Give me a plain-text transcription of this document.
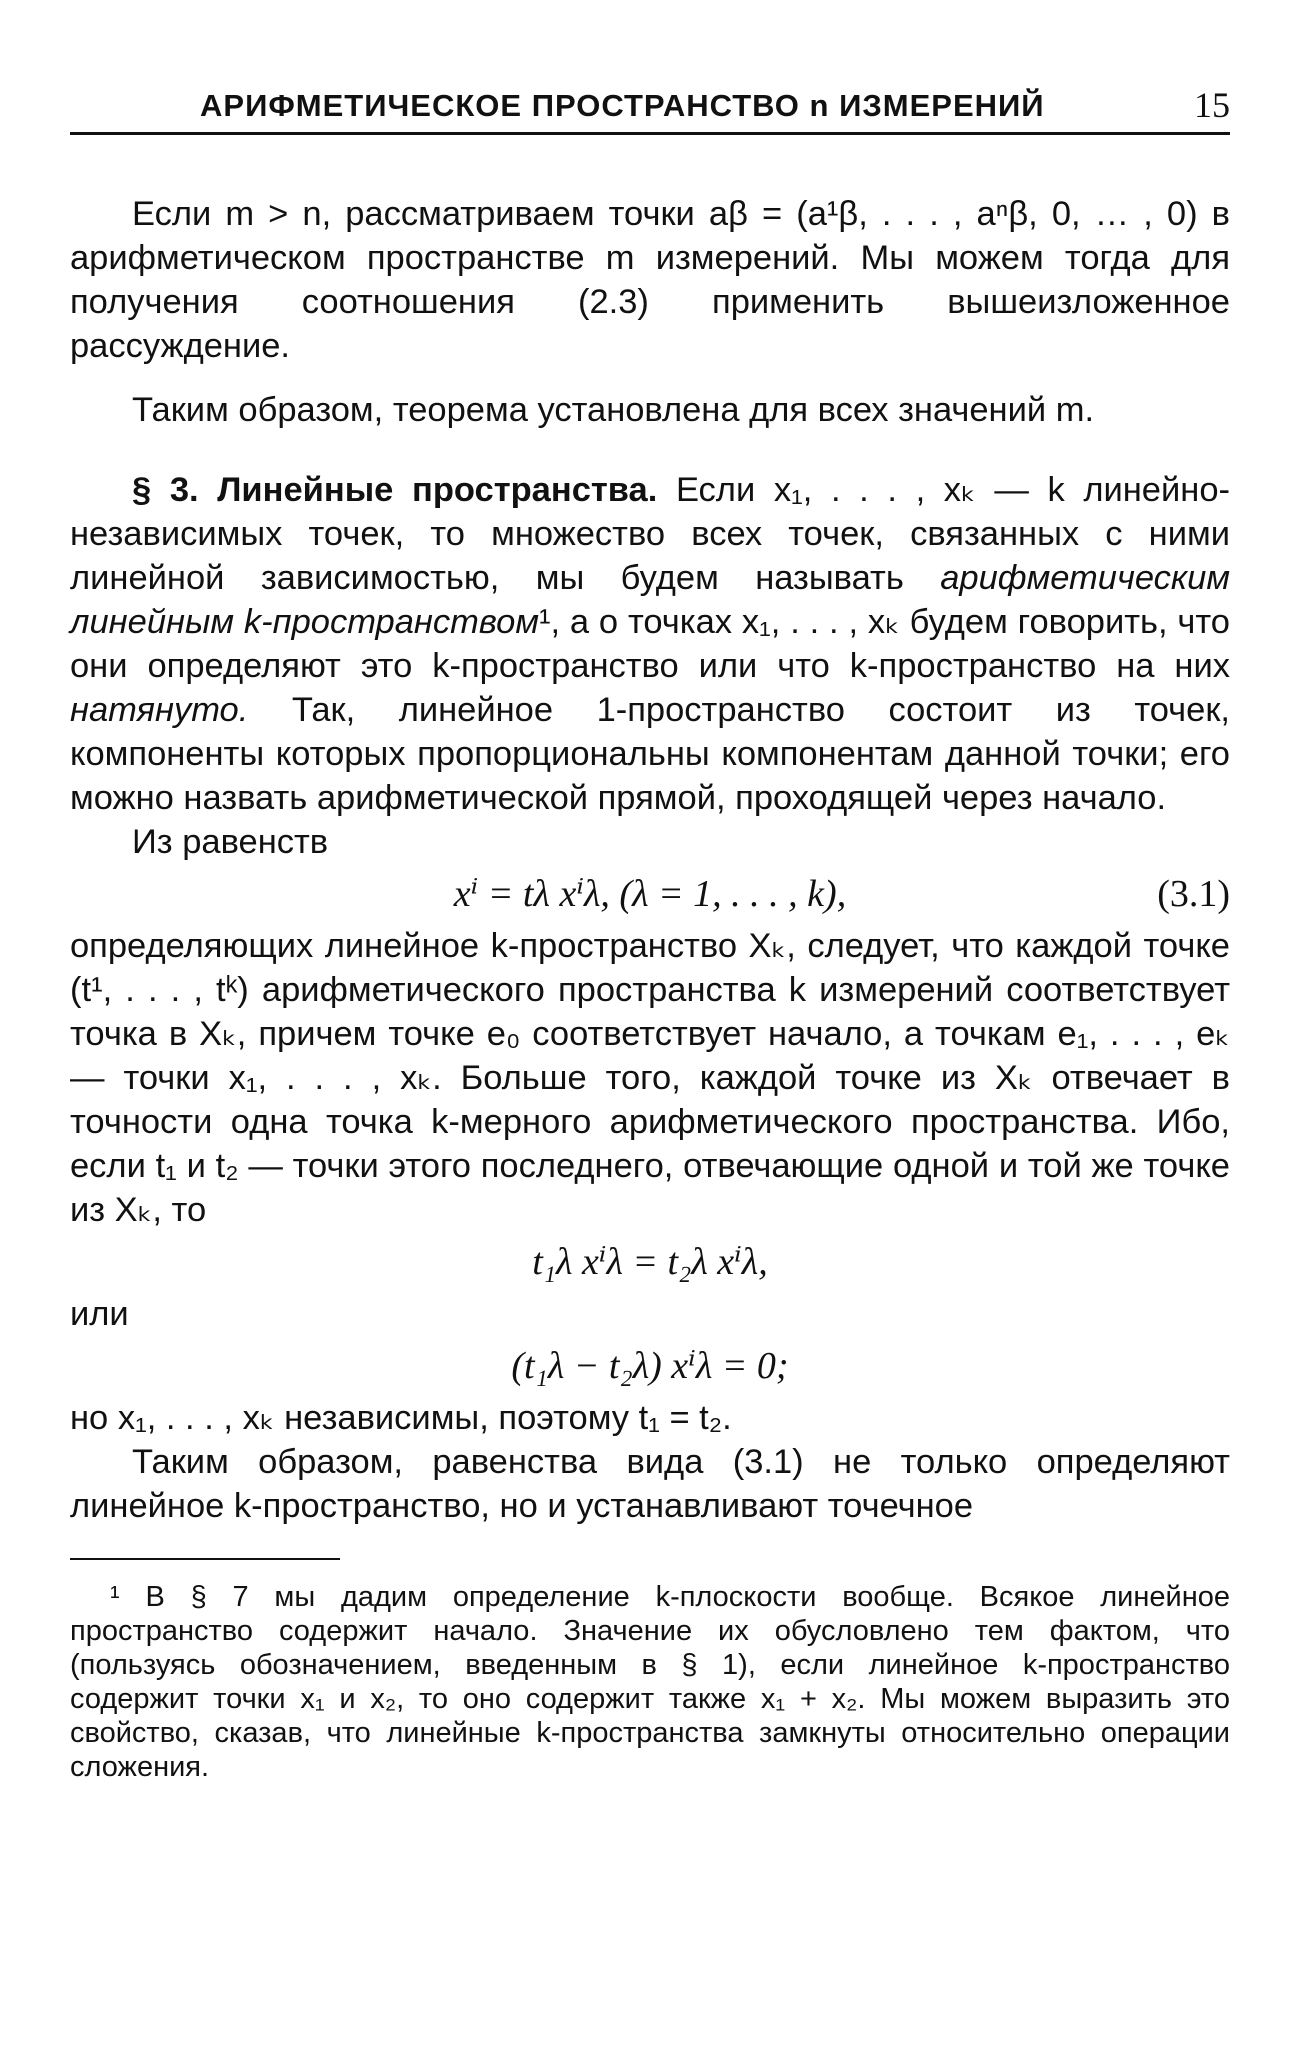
АРИФМЕТИЧЕСКОЕ ПРОСТРАНСТВО n ИЗМЕРЕНИЙ	15

Если m > n, рассматриваем точки aβ = (a¹β, . . . , aⁿβ, 0, … , 0) в арифметическом пространстве m измерений. Мы можем тогда для получения соотношения (2.3) применить вышеизложенное рассуждение.

Таким образом, теорема установлена для всех значений m.

§ 3. Линейные пространства. Если x₁, . . . , xₖ — k линейно-независимых точек, то множество всех точек, связанных с ними линейной зависимостью, мы будем называть арифметическим линейным k-пространством¹, а о точках x₁, . . . , xₖ будем говорить, что они определяют это k-пространство или что k-пространство на них натянуто. Так, линейное 1-пространство состоит из точек, компоненты которых пропорциональны компонентам данной точки; его можно назвать арифметической прямой, проходящей через начало.

Из равенств

xⁱ = tλ xⁱλ, (λ = 1, . . . , k),	(3.1)

определяющих линейное k-пространство Xₖ, следует, что каждой точке (t¹, . . . , tᵏ) арифметического пространства k измерений соответствует точка в Xₖ, причем точке e₀ соответствует начало, а точкам e₁, . . . , eₖ — точки x₁, . . . , xₖ. Больше того, каждой точке из Xₖ отвечает в точности одна точка k-мерного арифметического пространства. Ибо, если t₁ и t₂ — точки этого последнего, отвечающие одной и той же точке из Xₖ, то

t₁λ xⁱλ = t₂λ xⁱλ,

или

(t₁λ − t₂λ) xⁱλ = 0;

но x₁, . . . , xₖ независимы, поэтому t₁ = t₂.

Таким образом, равенства вида (3.1) не только определяют линейное k-пространство, но и устанавливают точечное

¹ В § 7 мы дадим определение k-плоскости вообще. Всякое линейное пространство содержит начало. Значение их обусловлено тем фактом, что (пользуясь обозначением, введенным в § 1), если линейное k-пространство содержит точки x₁ и x₂, то оно содержит также x₁ + x₂. Мы можем выразить это свойство, сказав, что линейные k-пространства замкнуты относительно операции сложения.
